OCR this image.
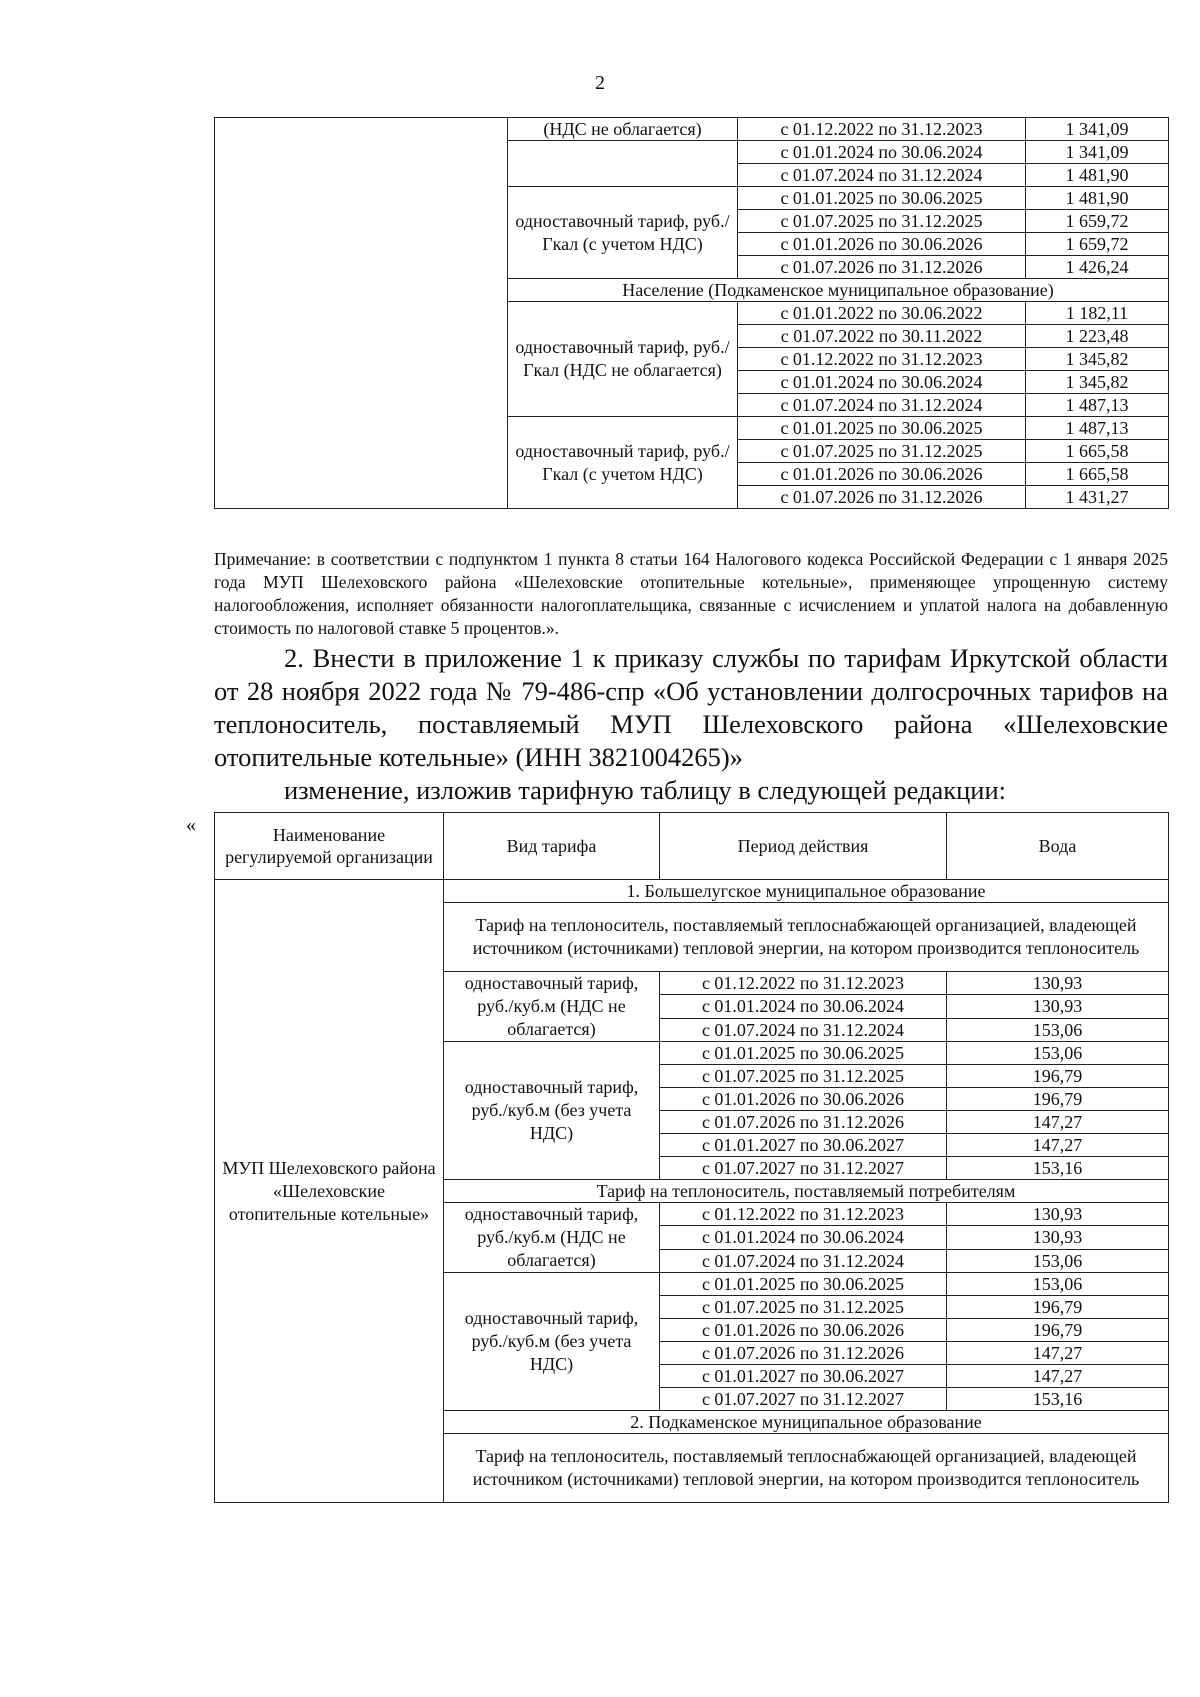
2
	(НДС не облагается)	с 01.12.2022 по 31.12.2023	1 341,09
		с 01.01.2024 по 30.06.2024	1 341,09
		с 01.07.2024 по 31.12.2024	1 481,90
	одноставочный тариф, руб./Гкал (с учетом НДС)	с 01.01.2025 по 30.06.2025	1 481,90
		с 01.07.2025 по 31.12.2025	1 659,72
		с 01.01.2026 по 30.06.2026	1 659,72
		с 01.07.2026 по 31.12.2026	1 426,24
	Население (Подкаменское муниципальное образование)		
	одноставочный тариф, руб./Гкал (НДС не облагается)	с 01.01.2022 по 30.06.2022	1 182,11
		с 01.07.2022 по 30.11.2022	1 223,48
		с 01.12.2022 по 31.12.2023	1 345,82
		с 01.01.2024 по 30.06.2024	1 345,82
		с 01.07.2024 по 31.12.2024	1 487,13
	одноставочный тариф, руб./Гкал (с учетом НДС)	с 01.01.2025 по 30.06.2025	1 487,13
		с 01.07.2025 по 31.12.2025	1 665,58
		с 01.01.2026 по 30.06.2026	1 665,58
		с 01.07.2026 по 31.12.2026	1 431,27
Примечание: в соответствии с подпунктом 1 пункта 8 статьи 164 Налогового кодекса Российской Федерации с 1 января 2025 года МУП Шелеховского района «Шелеховские отопительные котельные», применяющее упрощенную систему налогообложения, исполняет обязанности налогоплательщика, связанные с исчислением и уплатой налога на добавленную стоимость по налоговой ставке 5 процентов.».
2. Внести в приложение 1 к приказу службы по тарифам Иркутской области от 28 ноября 2022 года № 79-486-спр «Об установлении долгосрочных тарифов на теплоноситель, поставляемый МУП Шелеховского района «Шелеховские отопительные котельные» (ИНН 3821004265)»
изменение, изложив тарифную таблицу в следующей редакции:
«	Наименование регулируемой организации	Вид тарифа	Период действия	Вода
МУП Шелеховского района «Шелеховские отопительные котельные»	1. Большелугское муниципальное образование		
	Тариф на теплоноситель, поставляемый теплоснабжающей организацией, владеющей источником (источниками) тепловой энергии, на котором производится теплоноситель		
	одноставочный тариф, руб./куб.м (НДС не облагается)	с 01.12.2022 по 31.12.2023	130,93
		с 01.01.2024 по 30.06.2024	130,93
		с 01.07.2024 по 31.12.2024	153,06
	одноставочный тариф, руб./куб.м (без учета НДС)	с 01.01.2025 по 30.06.2025	153,06
		с 01.07.2025 по 31.12.2025	196,79
		с 01.01.2026 по 30.06.2026	196,79
		с 01.07.2026 по 31.12.2026	147,27
		с 01.01.2027 по 30.06.2027	147,27
		с 01.07.2027 по 31.12.2027	153,16
	Тариф на теплоноситель, поставляемый потребителям		
	одноставочный тариф, руб./куб.м (НДС не облагается)	с 01.12.2022 по 31.12.2023	130,93
		с 01.01.2024 по 30.06.2024	130,93
		с 01.07.2024 по 31.12.2024	153,06
	одноставочный тариф, руб./куб.м (без учета НДС)	с 01.01.2025 по 30.06.2025	153,06
		с 01.07.2025 по 31.12.2025	196,79
		с 01.01.2026 по 30.06.2026	196,79
		с 01.07.2026 по 31.12.2026	147,27
		с 01.01.2027 по 30.06.2027	147,27
		с 01.07.2027 по 31.12.2027	153,16
	2. Подкаменское муниципальное образование		
	Тариф на теплоноситель, поставляемый теплоснабжающей организацией, владеющей источником (источниками) тепловой энергии, на котором производится теплоноситель		
